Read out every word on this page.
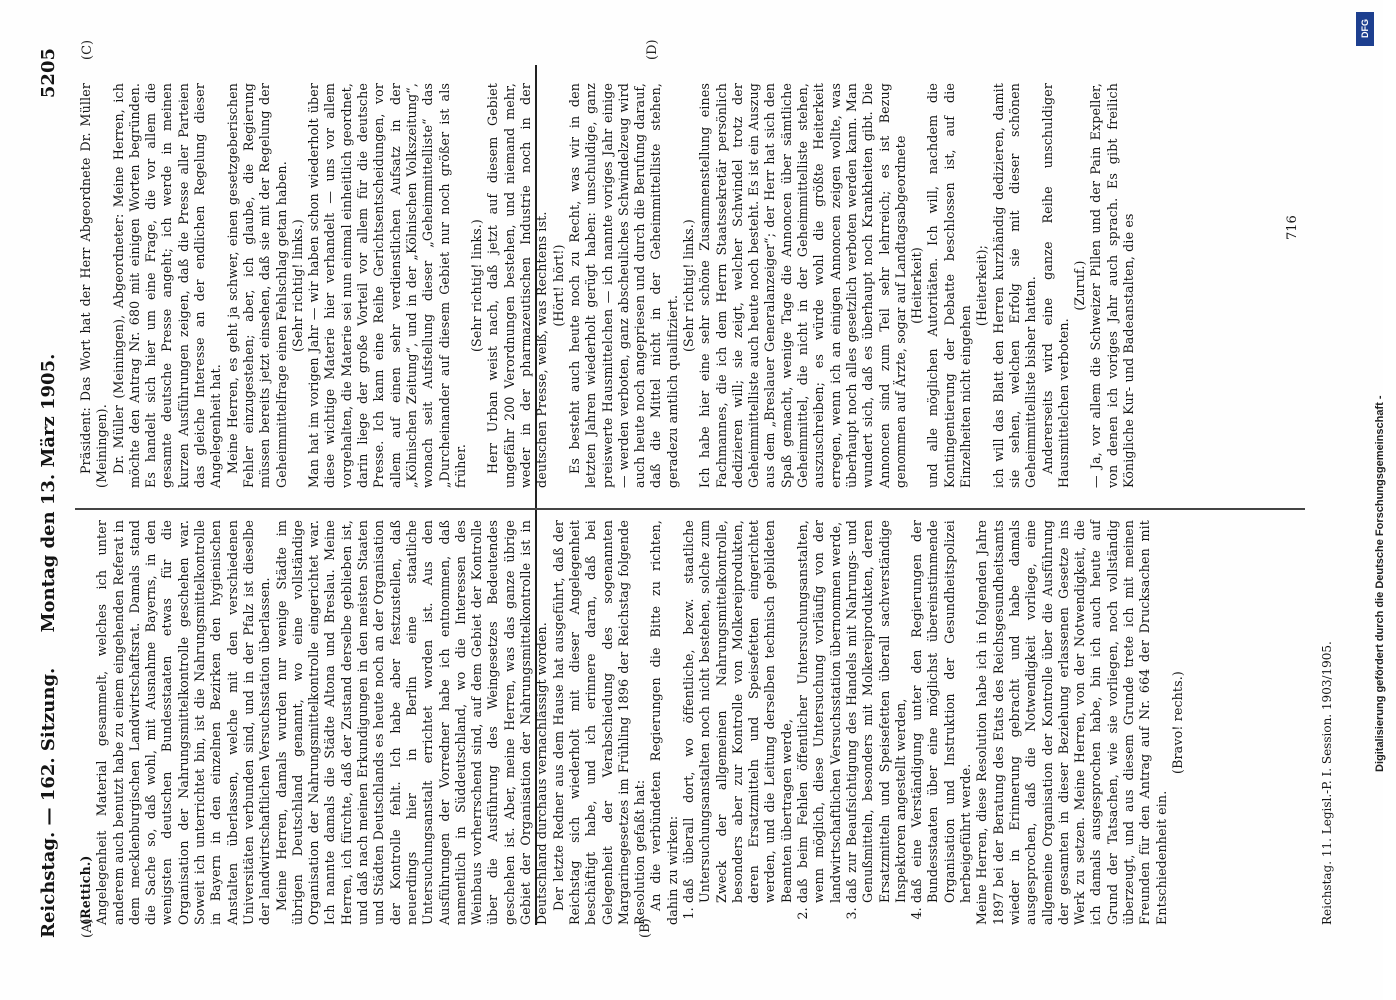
Reichstag. — 162. Sitzung.
Montag den 13. März 1905.
5205
(A)	(B)
(C)	(D)

(Rettich.) Angelegenheit Material gesammelt, welches ich unter anderem auch benutzt habe zu einem eingehenden Referat in dem mecklenburgischen Landwirtschaftsrat. Damals stand die Sache so, daß wohl, mit Ausnahme Bayerns, in den wenigsten deutschen Bundesstaaten etwas für die Organisation der Nahrungsmittelkontrolle geschehen war. Soweit ich unterrichtet bin, ist die Nahrungsmittelkontrolle in Bayern in den einzelnen Bezirken den hygienischen Anstalten überlassen, welche mit den verschiedenen Universitäten verbunden sind, und in der Pfalz ist dieselbe der landwirtschaftlichen Versuchsstation überlassen. Meine Herren, damals wurden nur wenige Städte im übrigen Deutschland genannt, wo eine vollständige Organisation der Nahrungsmittelkontrolle eingerichtet war. Ich nannte damals die Städte Altona und Breslau. Meine Herren, ich fürchte, daß der Zustand derselbe geblieben ist, und daß nach meinen Erkundigungen in den meisten Staaten und Städten Deutschlands es heute noch an der Organisation der Kontrolle fehlt. Ich habe aber festzustellen, daß neuerdings hier in Berlin eine staatliche Untersuchungsanstalt errichtet worden ist. Aus den Ausführungen der Vorredner habe ich entnommen, daß namentlich in Süddeutschland, wo die Interessen des Weinbaus vorherrschend sind, auf dem Gebiet der Kontrolle über die Ausführung des Weingesetzes Bedeutendes geschehen ist. Aber, meine Herren, was das ganze übrige Gebiet der Organisation der Nahrungsmittelkontrolle ist in Deutschland durchaus vernachlässigt worden. Der letzte Redner aus dem Hause hat ausgeführt, daß der Reichstag sich wiederholt mit dieser Angelegenheit beschäftigt habe, und ich erinnere daran, daß bei Gelegenheit der Verabschiedung des sogenannten Margarinegesetzes im Frühling 1896 der Reichstag folgende Resolution gefaßt hat: An die verbündeten Regierungen die Bitte zu richten, dahin zu wirken: 1. daß überall dort, wo öffentliche, bezw. staatliche Untersuchungsanstalten noch nicht bestehen, solche zum Zweck der allgemeinen Nahrungsmittelkontrolle, besonders aber zur Kontrolle von Molkereiprodukten, deren Ersatzmitteln und Speisefetten eingerichtet werden, und die Leitung derselben technisch gebildeten Beamten übertragen werde, 2. daß beim Fehlen öffentlicher Untersuchungsanstalten, wenn möglich, diese Untersuchung vorläufig von der landwirtschaftlichen Versuchsstation übernommen werde, 3. daß zur Beaufsichtigung des Handels mit Nahrungs- und Genußmitteln, besonders mit Molkereiprodukten, deren Ersatzmitteln und Speisefetten überall sachverständige Inspektoren angestellt werden, 4. daß eine Verständigung unter den Regierungen der Bundesstaaten über eine möglichst übereinstimmende Organisation und Instruktion der Gesundheitspolizei herbeigeführt werde. Meine Herren, diese Resolution habe ich in folgenden Jahre 1897 bei der Beratung des Etats des Reichsgesundheitsamts wieder in Erinnerung gebracht und habe damals ausgesprochen, daß die Notwendigkeit vorliege, eine allgemeine Organisation der Kontrolle über die Ausführung der gesamten in dieser Beziehung erlassenen Gesetze ins Werk zu setzen. Meine Herren, von der Notwendigkeit, die ich damals ausgesprochen habe, bin ich auch heute auf Grund der Tatsachen, wie sie vorliegen, noch vollständig überzeugt, und aus diesem Grunde trete ich mit meinen Freunden für den Antrag auf Nr. 664 der Drucksachen mit Entschiedenheit ein.

(Bravo! rechts.)

Präsident: Das Wort hat der Herr Abgeordnete Dr. Müller (Meiningen). Dr. Müller (Meiningen), Abgeordneter: Meine Herren, ich möchte den Antrag Nr. 680 mit einigen Worten begründen. Es handelt sich hier um eine Frage, die vor allem die gesamte deutsche Presse angeht; ich werde in meinen kurzen Ausführungen zeigen, daß die Presse aller Parteien das gleiche Interesse an der endlichen Regelung dieser Angelegenheit hat. Meine Herren, es geht ja schwer, einen gesetzgeberischen Fehler einzugestehen; aber, ich glaube, die Regierung müssen bereits jetzt einsehen, daß sie mit der Regelung der Geheimmittelfrage einen Fehlschlag getan haben. (Sehr richtig! links.) Man hat im vorigen Jahr — wir haben schon wiederholt über diese wichtige Materie hier verhandelt — uns vor allem vorgehalten, die Materie sei nun einmal einheitlich geordnet, darin liege der große Vorteil vor allem für die deutsche Presse. Ich kann eine Reihe Gerichtsentscheidungen, vor allem auf einen sehr verdienstlichen Aufsatz in der „Kölnischen Zeitung“, und in der „Kölnischen Volkszeitung“, wonach seit Aufstellung dieser „Geheimmittelliste“ das „Durcheinander auf diesem Gebiet nur noch größer ist als früher.

(Sehr richtig! links.) Herr Urban weist nach, daß jetzt auf diesem Gebiet ungefähr 200 Verordnungen bestehen, und niemand mehr, weder in der pharmazeutischen Industrie noch in der deutschen Presse, weiß, was Rechtens ist. (Hört! hört!) Es besteht auch heute noch zu Recht, was wir in den letzten Jahren wiederholt gerügt haben: unschuldige, ganz preiswerte Hausmittelchen — ich nannte voriges Jahr einige — werden verboten, ganz abscheuliches Schwindelzeug wird auch heute noch angepriesen und durch die Berufung darauf, daß die Mittel nicht in der Geheimmittelliste stehen, geradezu amtlich qualifiziert.

(Sehr richtig! links.) Ich habe hier eine sehr schöne Zusammenstellung eines Fachmannes, die ich dem Herrn Staatssekretär persönlich dedizieren will; sie zeigt, welcher Schwindel trotz der Geheimmittelliste auch heute noch besteht. Es ist ein Auszug aus dem „Breslauer Generalanzeiger“; der Herr hat sich den Spaß gemacht, wenige Tage die Annoncen über sämtliche Geheimmittel, die nicht in der Geheimmittelliste stehen, auszuschreiben; es würde wohl die größte Heiterkeit erregen, wenn ich an einigen Annoncen zeigen wollte, was überhaupt noch alles gesetzlich verboten werden kann. Man wundert sich, daß es überhaupt noch Krankheiten gibt. Die Annoncen sind zum Teil sehr lehrreich; es ist Bezug genommen auf Ärzte, sogar auf Landtagsabgeordnete (Heiterkeit) und alle möglichen Autoritäten. Ich will, nachdem die Kontingentierung der Debatte beschlossen ist, auf die Einzelheiten nicht eingehen

(Heiterkeit); ich will das Blatt den Herren kurzhändig dedizieren, damit sie sehen, welchen Erfolg sie mit dieser schönen Geheimmittelliste bisher hatten. Andererseits wird eine ganze Reihe unschuldiger Hausmittelchen verboten.

(Zuruf.) — Ja, vor allem die Schweizer Pillen und der Pain Expeller, von denen ich voriges Jahr auch sprach. Es gibt freilich Königliche Kur- und Badeanstalten, die es

Reichstag. 11. Legisl.-P. I. Session. 1903/1905.
716
DFG
Digitalisierung gefördert durch die Deutsche Forschungsgemeinschaft -
